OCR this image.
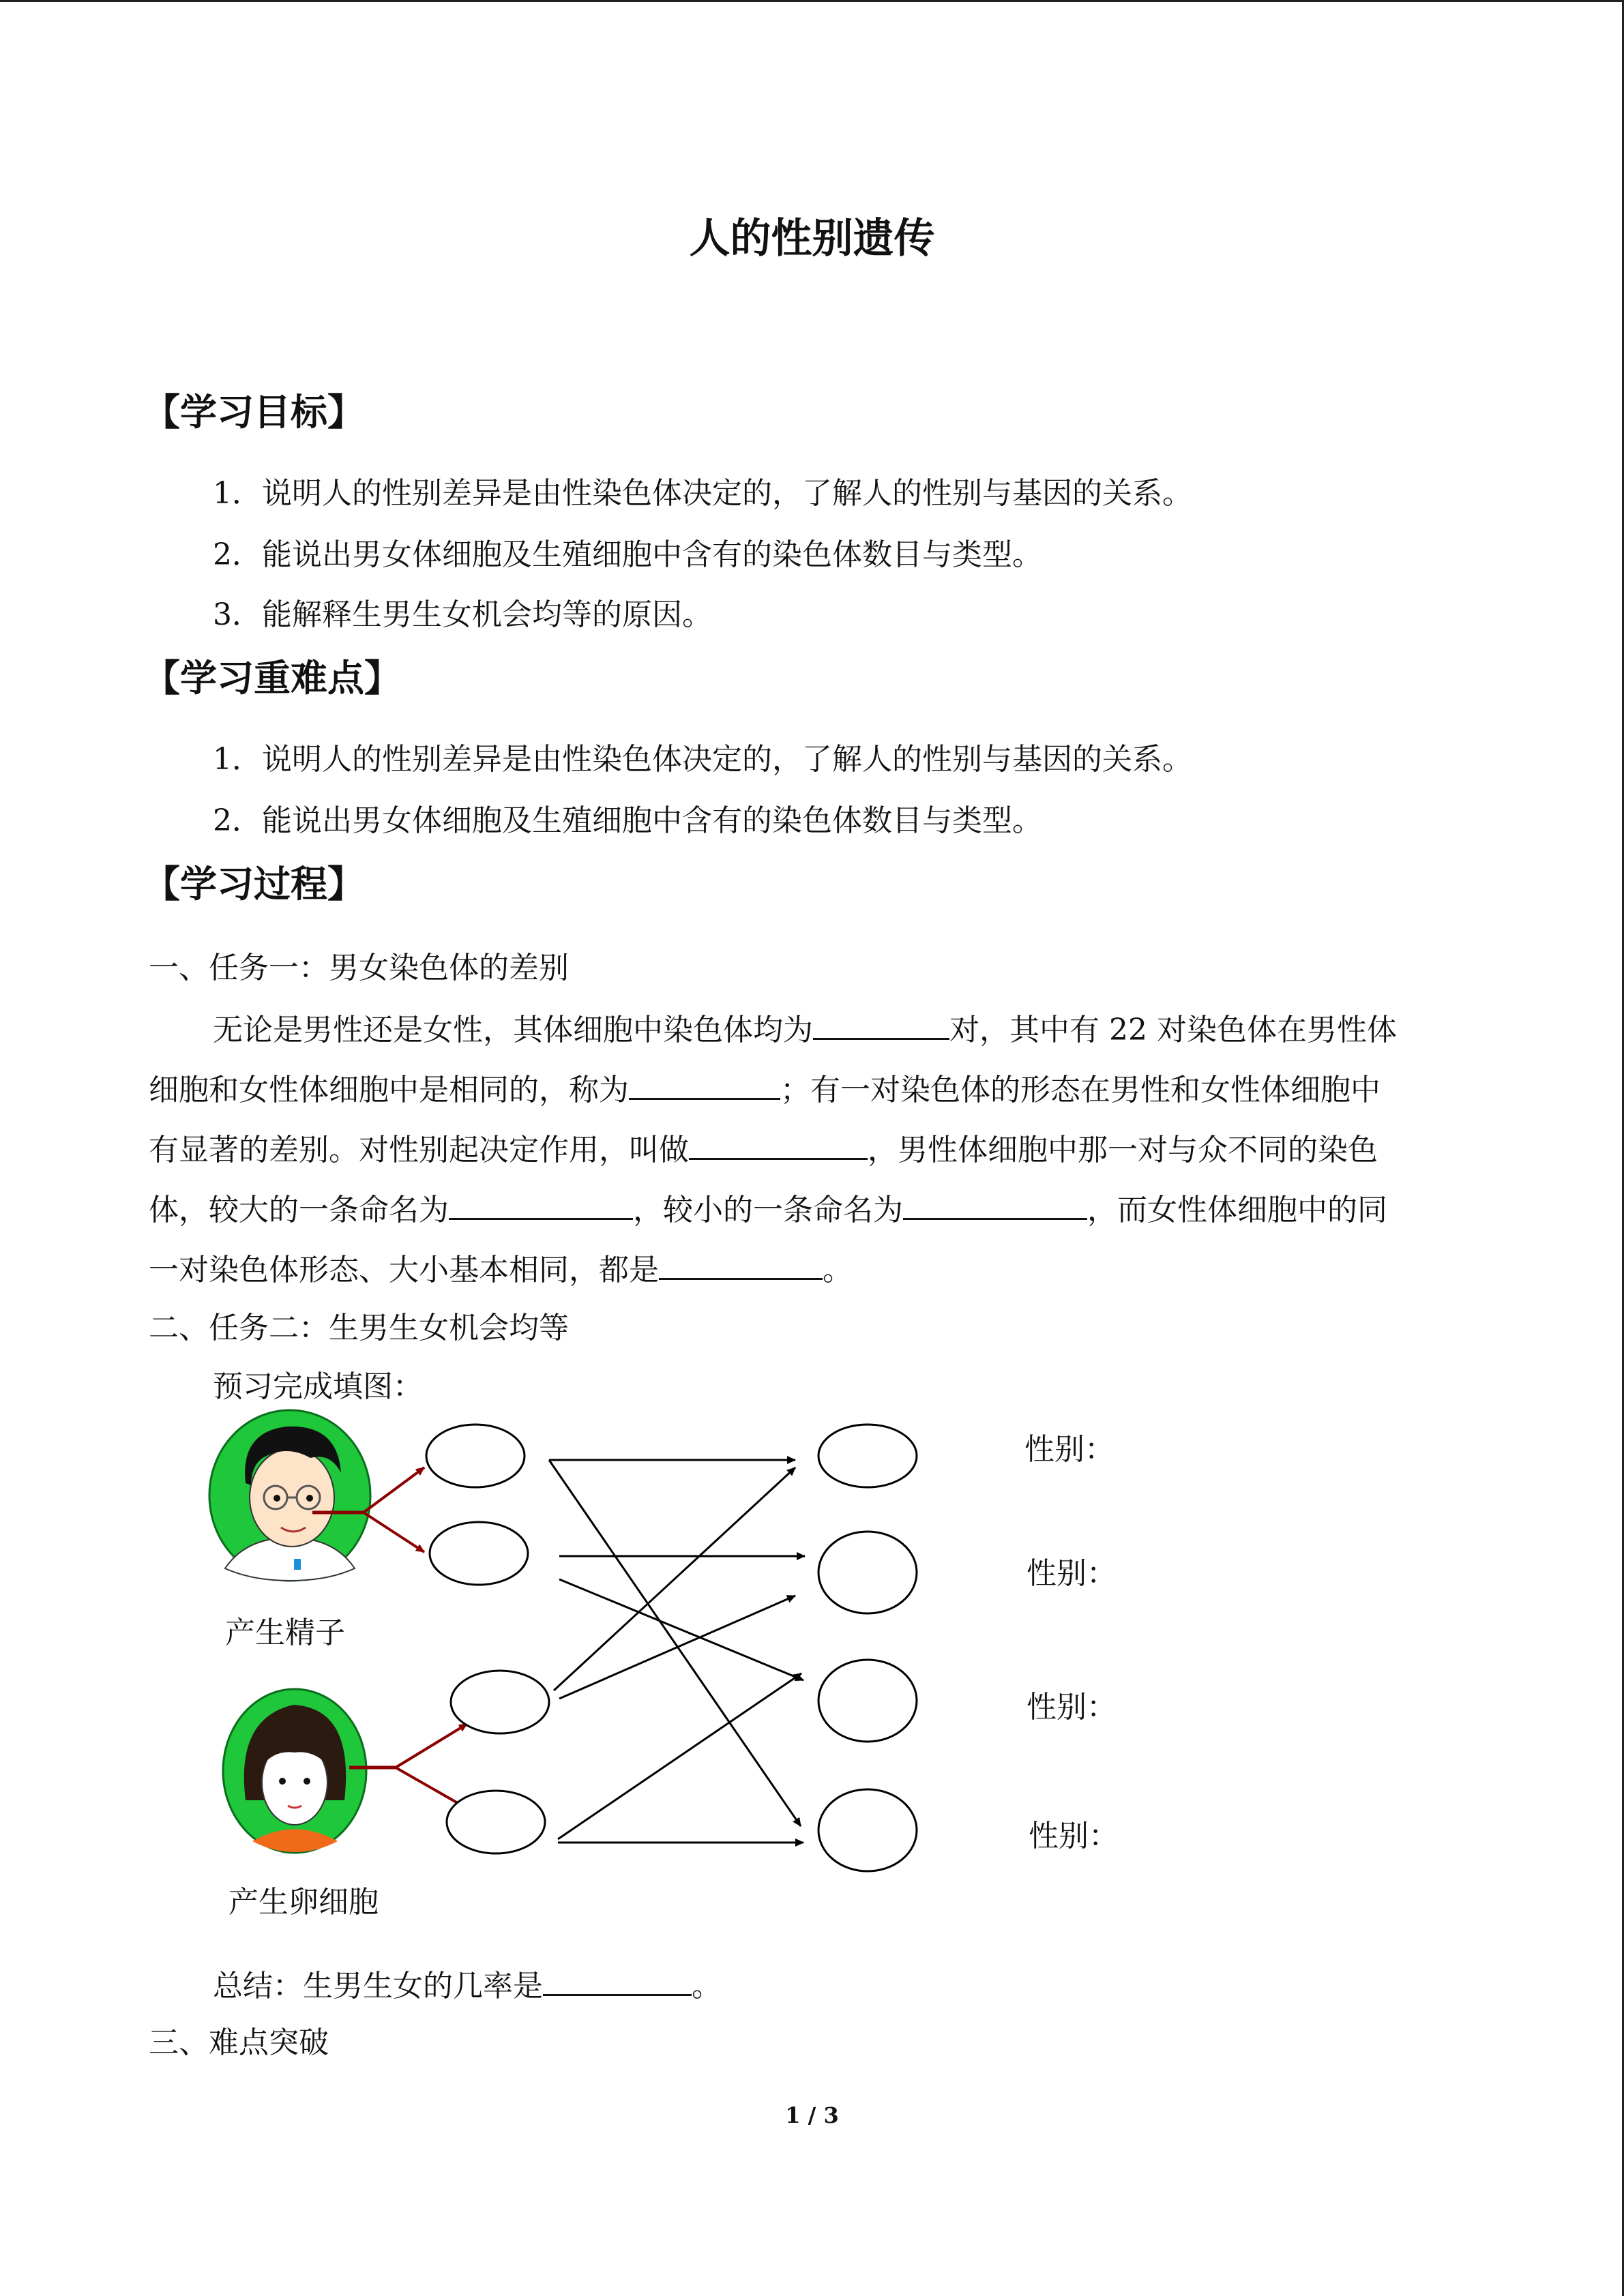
人的性别遗传
【学习目标】
1．说明人的性别差异是由性染色体决定的，了解人的性别与基因的关系。
2．能说出男女体细胞及生殖细胞中含有的染色体数目与类型。
3．能解释生男生女机会均等的原因。
【学习重难点】
1．说明人的性别差异是由性染色体决定的，了解人的性别与基因的关系。
2．能说出男女体细胞及生殖细胞中含有的染色体数目与类型。
【学习过程】
一、任务一：男女染色体的差别
无论是男性还是女性，其体细胞中染色体均为	对，其中有 22 对染色体在男性体
细胞和女性体细胞中是相同的，称为	；有一对染色体的形态在男性和女性体细胞中
有显著的差别。对性别起决定作用，叫做	，男性体细胞中那一对与众不同的染色
体，较大的一条命名为	，较小的一条命名为	，而女性体细胞中的同
一对染色体形态、大小基本相同，都是	。
二、任务二：生男生女机会均等
预习完成填图：
产生精子
产生卵细胞
性别：
性别：
性别：
性别：
总结：生男生女的几率是	。
三、难点突破
1 / 3
